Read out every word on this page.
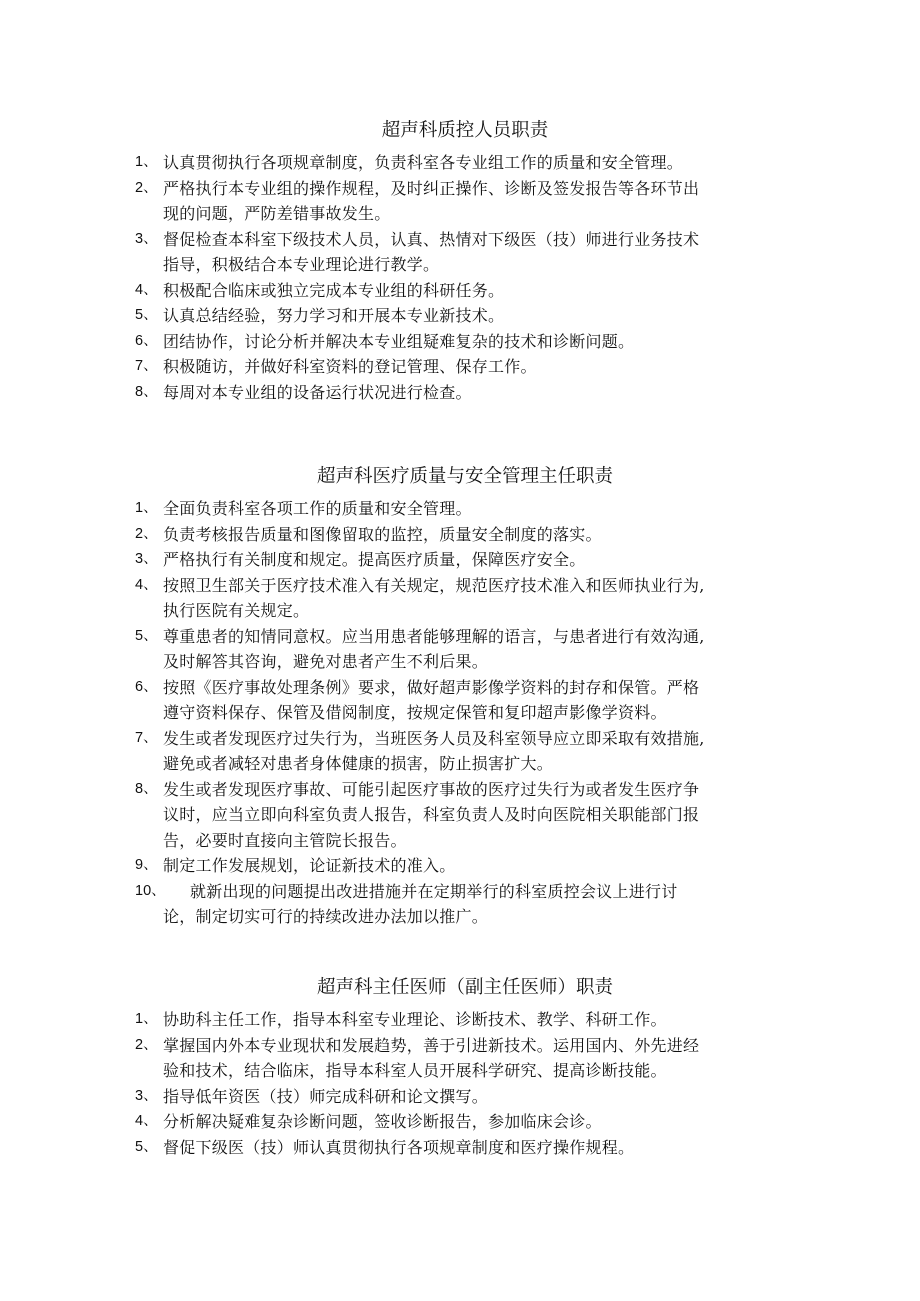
超声科质控人员职责
1、 认真贯彻执行各项规章制度，负责科室各专业组工作的质量和安全管理。
2、 严格执行本专业组的操作规程，及时纠正操作、诊断及签发报告等各环节出
现的问题，严防差错事故发生。
3、 督促检查本科室下级技术人员，认真、热情对下级医（技）师进行业务技术
指导，积极结合本专业理论进行教学。
4、 积极配合临床或独立完成本专业组的科研任务。
5、 认真总结经验，努力学习和开展本专业新技术。
6、 团结协作，讨论分析并解决本专业组疑难复杂的技术和诊断问题。
7、 积极随访，并做好科室资料的登记管理、保存工作。
8、 每周对本专业组的设备运行状况进行检查。
超声科医疗质量与安全管理主任职责
1、 全面负责科室各项工作的质量和安全管理。
2、 负责考核报告质量和图像留取的监控，质量安全制度的落实。
3、 严格执行有关制度和规定。提高医疗质量，保障医疗安全。
4、 按照卫生部关于医疗技术准入有关规定，规范医疗技术准入和医师执业行为,
执行医院有关规定。
5、 尊重患者的知情同意权。应当用患者能够理解的语言，与患者进行有效沟通,
及时解答其咨询，避免对患者产生不利后果。
6、 按照《医疗事故处理条例》要求，做好超声影像学资料的封存和保管。严格
遵守资料保存、保管及借阅制度，按规定保管和复印超声影像学资料。
7、 发生或者发现医疗过失行为，当班医务人员及科室领导应立即采取有效措施,
避免或者减轻对患者身体健康的损害，防止损害扩大。
8、 发生或者发现医疗事故、可能引起医疗事故的医疗过失行为或者发生医疗争
议时，应当立即向科室负责人报告，科室负责人及时向医院相关职能部门报
告，必要时直接向主管院长报告。
9、 制定工作发展规划，论证新技术的准入。
10、	就新出现的问题提出改进措施并在定期举行的科室质控会议上进行讨
论，制定切实可行的持续改进办法加以推广。
超声科主任医师（副主任医师）职责
1、 协助科主任工作，指导本科室专业理论、诊断技术、教学、科研工作。
2、 掌握国内外本专业现状和发展趋势，善于引进新技术。运用国内、外先进经
验和技术，结合临床，指导本科室人员开展科学研究、提高诊断技能。
3、 指导低年资医（技）师完成科研和论文撰写。
4、 分析解决疑难复杂诊断问题，签收诊断报告，参加临床会诊。
5、 督促下级医（技）师认真贯彻执行各项规章制度和医疗操作规程。
